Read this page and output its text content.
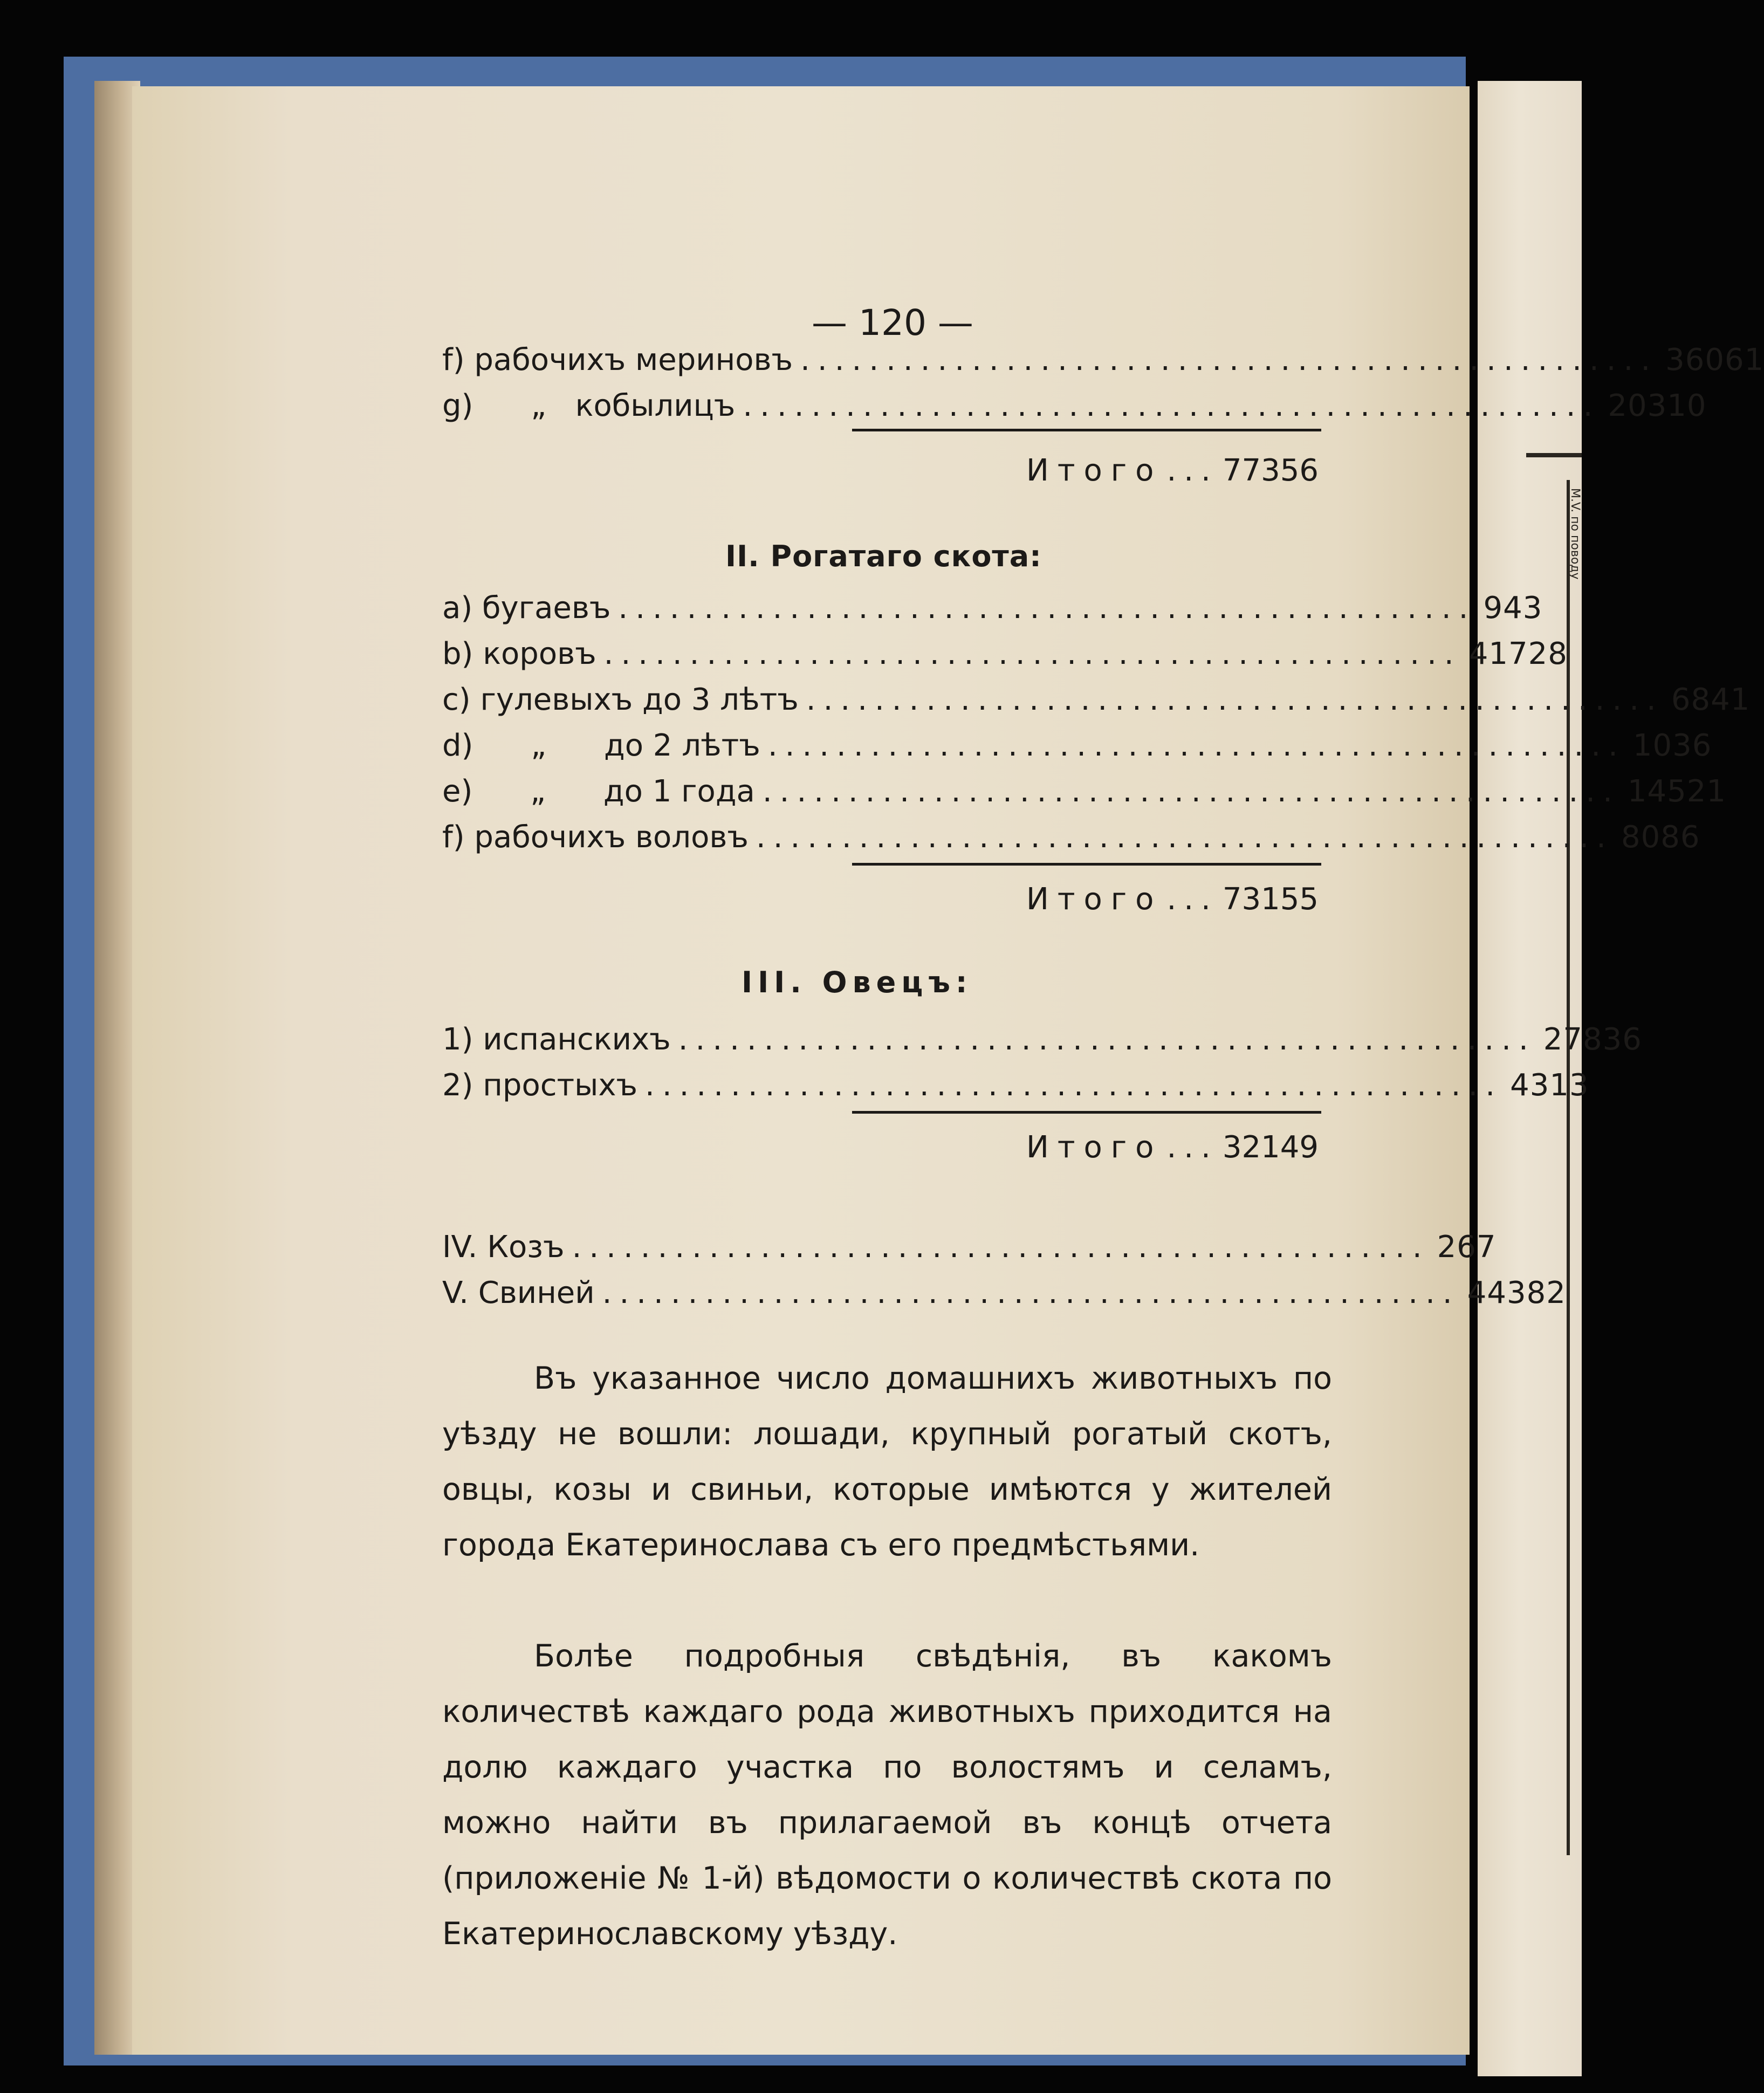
M.V. по поводу
— 120 —
f) рабочихъ мериновъ .................................................. 36061
g)      „   кобылицъ .................................................. 20310
Итого ... 77356
II. Рогатаго скота:
a) бугаевъ .................................................. 943
b) коровъ .................................................. 41728
c) гулевыхъ до 3 лѣтъ .................................................. 6841
d)      „      до 2 лѣтъ .................................................. 1036
e)      „      до 1 года .................................................. 14521
f) рабочихъ воловъ .................................................. 8086
Итого ... 73155
III. Овецъ:
1) испанскихъ .................................................. 27836
2) простыхъ .................................................. 4313
Итого ... 32149
IV. Козъ .................................................. 267
V. Свиней .................................................. 44382
Въ указанное число домашнихъ животныхъ по уѣзду не вошли: лошади, крупный рогатый скотъ, овцы, козы и свиньи, которые имѣются у жителей города Екатеринослава съ его предмѣстьями.
Болѣе подробныя свѣдѣнія, въ какомъ количествѣ каждаго рода животныхъ приходится на долю каждаго участка по волостямъ и селамъ, можно найти въ прилагаемой въ концѣ отчета (приложеніе № 1-й) вѣдомости о количествѣ скота по Екатеринославскому уѣзду.
